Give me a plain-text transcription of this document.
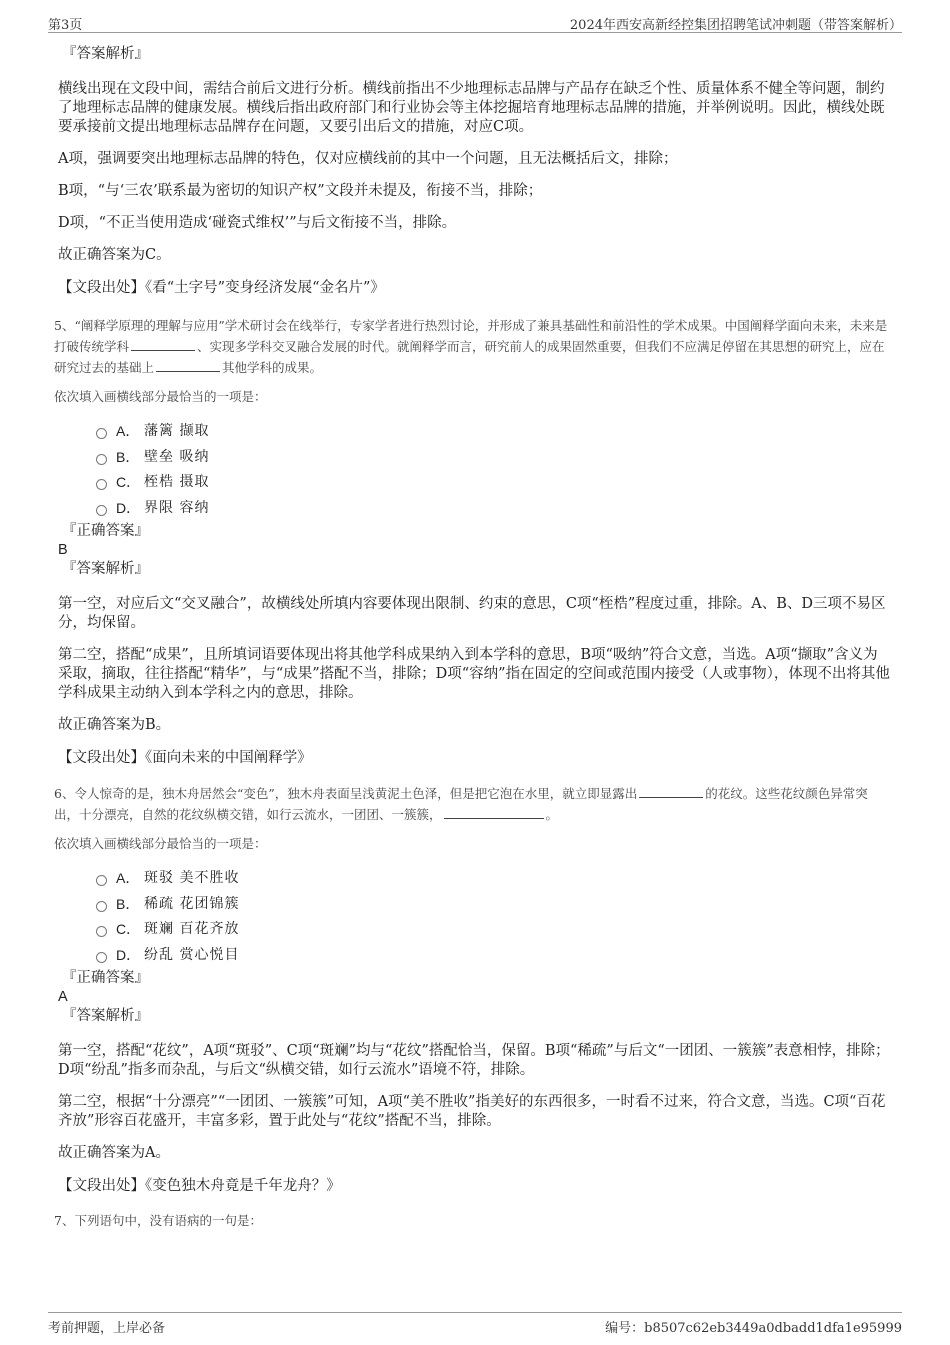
第3页	2024年西安高新经控集团招聘笔试冲刺题（带答案解析）

『答案解析』

横线出现在文段中间，需结合前后文进行分析。横线前指出不少地理标志品牌与产品存在缺乏个性、质量体系不健全等问题，制约了地理标志品牌的健康发展。横线后指出政府部门和行业协会等主体挖掘培育地理标志品牌的措施，并举例说明。因此，横线处既要承接前文提出地理标志品牌存在问题，又要引出后文的措施，对应C项。

A项，强调要突出地理标志品牌的特色，仅对应横线前的其中一个问题，且无法概括后文，排除；

B项，“与‘三农’联系最为密切的知识产权”文段并未提及，衔接不当，排除；

D项，“不正当使用造成‘碰瓷式维权’”与后文衔接不当，排除。

故正确答案为C。

【文段出处】《看“土字号”变身经济发展“金名片”》

5、“阐释学原理的理解与应用”学术研讨会在线举行，专家学者进行热烈讨论，并形成了兼具基础性和前沿性的学术成果。中国阐释学面向未来，未来是打破传统学科	、实现多学科交叉融合发展的时代。就阐释学而言，研究前人的成果固然重要，但我们不应满足停留在其思想的研究上，应在研究过去的基础上	其他学科的成果。

依次填入画横线部分最恰当的一项是：

A． 藩篱 撷取
B． 壁垒 吸纳
C． 桎梏 摄取
D． 界限 容纳

『正确答案』

B

『答案解析』

第一空，对应后文“交叉融合”，故横线处所填内容要体现出限制、约束的意思，C项“桎梏”程度过重，排除。A、B、D三项不易区分，均保留。

第二空，搭配“成果”，且所填词语要体现出将其他学科成果纳入到本学科的意思，B项“吸纳”符合文意，当选。A项“撷取”含义为采取，摘取，往往搭配“精华”，与“成果”搭配不当，排除；D项“容纳”指在固定的空间或范围内接受（人或事物），体现不出将其他学科成果主动纳入到本学科之内的意思，排除。

故正确答案为B。

【文段出处】《面向未来的中国阐释学》

6、令人惊奇的是，独木舟居然会“变色”，独木舟表面呈浅黄泥土色泽，但是把它泡在水里，就立即显露出	的花纹。这些花纹颜色异常突出，十分漂亮，自然的花纹纵横交错，如行云流水，一团团、一簇簇，	。

依次填入画横线部分最恰当的一项是：

A． 斑驳 美不胜收
B． 稀疏 花团锦簇
C． 斑斓 百花齐放
D． 纷乱 赏心悦目

『正确答案』

A

『答案解析』

第一空，搭配“花纹”，A项“斑驳”、C项“斑斓”均与“花纹”搭配恰当，保留。B项“稀疏”与后文“一团团、一簇簇”表意相悖，排除；D项“纷乱”指多而杂乱，与后文“纵横交错，如行云流水”语境不符，排除。

第二空，根据“十分漂亮”“一团团、一簇簇”可知，A项“美不胜收”指美好的东西很多，一时看不过来，符合文意，当选。C项“百花齐放”形容百花盛开，丰富多彩，置于此处与“花纹”搭配不当，排除。

故正确答案为A。

【文段出处】《变色独木舟竟是千年龙舟？》

7、下列语句中，没有语病的一句是：

考前押题，上岸必备	编号：b8507c62eb3449a0dbadd1dfa1e95999
